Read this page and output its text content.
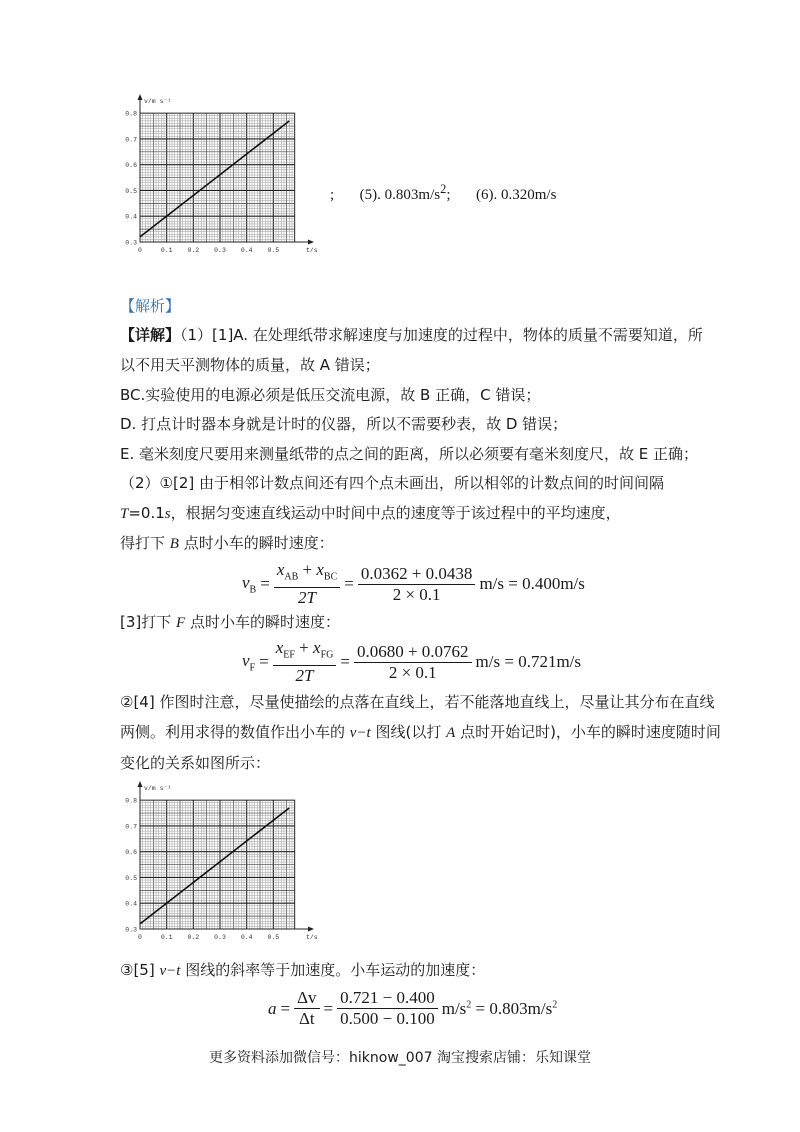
0	0.1 0.2 0.3 0.4 0.5
0.3
0.4
0.5
0.6
0.7
0.8
v/m s⁻¹
t/s
; (5). $0.803m/s^2$; (6). 0.320m/s
【解析】
【详解】（1）[1]A. 在处理纸带求解速度与加速度的过程中，物体的质量不需要知道，所
以不用天平测物体的质量，故 A 错误；
BC.实验使用的电源必须是低压交流电源，故 B 正确，C 错误；
D. 打点计时器本身就是计时的仪器，所以不需要秒表，故 D 错误；
E. 毫米刻度尺要用来测量纸带的点之间的距离，所以必须要有毫米刻度尺，故 E 正确；
（2）①[2] 由于相邻计数点间还有四个点未画出，所以相邻的计数点间的时间间隔
T=0.1s，根据匀变速直线运动中时间中点的速度等于该过程中的平均速度，
得打下 B 点时小车的瞬时速度：
$v_B = \frac{x_{AB} + x_{BC}}{2T} = \frac{0.0362 + 0.0438}{2 \times 0.1} m/s = 0.400m/s$
[3]打下 F 点时小车的瞬时速度：
$v_F = \frac{x_{EF} + x_{FG}}{2T} = \frac{0.0680 + 0.0762}{2 \times 0.1} m/s = 0.721m/s$
②[4] 作图时注意，尽量使描绘的点落在直线上，若不能落地直线上，尽量让其分布在直线
两侧。利用求得的数值作出小车的 v−t 图线(以打 A 点时开始记时)，小车的瞬时速度随时间
变化的关系如图所示：
0	0.1 0.2 0.3 0.4 0.5
0.3
0.4
0.5
0.6
0.7
0.8
v/m s⁻¹
t/s
③[5] v−t 图线的斜率等于加速度。小车运动的加速度：
$a = \frac{\Delta v}{\Delta t} = \frac{0.721 - 0.400}{0.500 - 0.100} m/s^2 = 0.803m/s^2$
更多资料添加微信号：hiknow_007 淘宝搜索店铺：乐知课堂
